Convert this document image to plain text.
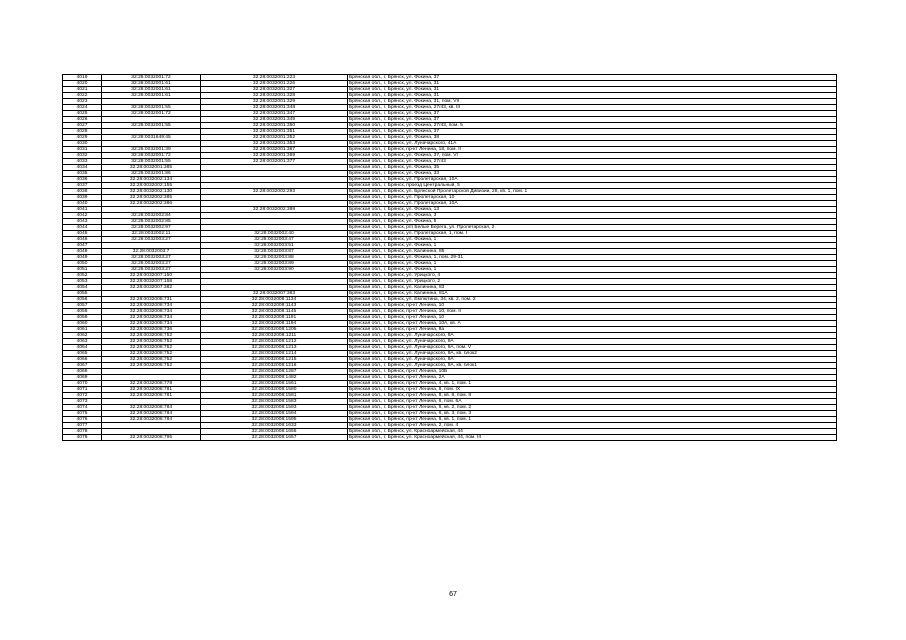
4019	32:28:0032001:72	32:28:0032001:223	Брянская обл., г. Брянск, ул. Фокина, 37
4020	32:28:0032001:61	32:28:0032001:226	Брянская обл., г. Брянск, ул. Фокина, 31
4021	32:28:0032001:61	32:28:0032001:327	Брянская обл., г. Брянск, ул. Фокина, 31
4022	32:28:0032001:61	32:28:0032001:328	Брянская обл., г. Брянск, ул. Фокина, 31
4023		32:28:0032001:329	Брянская обл., г. Брянск, ул. Фокина, 31, пом. VII
4024	32:28:0032001:55	32:28:0032001:348	Брянская обл., г. Брянск, ул. Фокина, 27/43, кв. III
4025	32:28:0032001:72	32:28:0032001:347	Брянская обл., г. Брянск, ул. Фокина, 37
4026		32:28:0032001:349	Брянская обл., г. Брянск, ул. Фокина, 37
4027	32:28:0032001:55	32:28:0032001:350	Брянская обл., г. Брянск, ул. Фокина, 27/43, пом. 5
4028		32:28:0032001:351	Брянская обл., г. Брянск, ул. Фокина, 37
4029	32:28:0031649:45	32:28:0032001:352	Брянская обл., г. Брянск, ул. Фокина, 38
4030		32:28:0032001:353	Брянская обл., г. Брянск, ул. Луначарского, 41А
4031	32:28:0032001:39	32:28:0032001:367	Брянская обл., г. Брянск, пр-кт Ленина, 18, пом. II
4032	32:28:0032001:72	32:28:0032001:369	Брянская обл., г. Брянск, ул. Фокина, 37, пом. VI
4033	32:28:0032001:55	32:28:0032001:377	Брянская обл., г. Брянск, ул. Фокина, 27/43
4034	32:28:0032001:385		Брянская обл., г. Брянск, ул. Фокина, 35
4035	32:28:0032001:86		Брянская обл., г. Брянск, ул. Фокина, 33
4036	32:28:0032002:134		Брянская обл., г. Брянск, ул. Пролетарская, 10А
4037	32:28:0032002:155		Брянская обл., г. Брянск, проезд Центральный, 5
4038	32:28:0032002:130	32:28:0032002:293	Брянская обл., г. Брянск, ул. Брянской Пролетарской Дивизии, 28, кв. 1, пом. 1
4039	32:28:0032002:385		Брянская обл., г. Брянск, ул. Пролетарская, 10
4040	32:28:0032002:386		Брянская обл., г. Брянск, ул. Пролетарская, 10А
4041		32:28:0032002:388	Брянская обл., г. Брянск, ул. Фокина, 13
4042	32:28:0032002:84		Брянская обл., г. Брянск, ул. Фокина, 3
4043	32:28:0032002:85		Брянская обл., г. Брянск, ул. Фокина, 5
4044	32:28:0032002:97		Брянская обл., г. Брянск, р/п Белые Берега, ул. Пролетарская, 2
4045	32:28:0032002:11	32:28:0032002:40	Брянская обл., г. Брянск, ул. Пролетарская, 1, пом. I
4046	32:28:0032003:27	32:28:0032003:47	Брянская обл., г. Брянск, ул. Фокина, 1
4047		32:28:0032003:51	Брянская обл., г. Брянск, ул. Фокина, 1
4048	32:28:0032003:7	32:28:0032003:87	Брянская обл., г. Брянск, ул. Калинина, 85
4049	32:28:0032003:27	32:28:0032003:88	Брянская обл., г. Брянск, ул. Фокина, 1, пом. 29-31
4050	32:28:0032003:27	32:28:0032003:89	Брянская обл., г. Брянск, ул. Фокина, 1
4051	32:28:0032003:27	32:28:0032003:90	Брянская обл., г. Брянск, ул. Фокина, 1
4052	32:28:0032007:150		Брянская обл., г. Брянск, ул. Урицкого, 4
4053	32:28:0032007:158		Брянская обл., г. Брянск, ул. Урицкого, 2
4054	32:28:0032007:382		Брянская обл., г. Брянск, ул. Калинина, 83
4055		32:28:0032007:383	Брянская обл., г. Брянск, ул. Калинина, 81А
4056	32:28:0032008:731	32:28:0032008:1134	Брянская обл., г. Брянск, ул. Емлютина, 34, кв. 2, пом. 2
4057	32:28:0032008:734	32:28:0032008:1143	Брянская обл., г. Брянск, пр-кт Ленина, 10
4058	32:28:0032008:734	32:28:0032008:1145	Брянская обл., г. Брянск, пр-кт Ленина, 10, пом. II
4059	32:28:0032008:734	32:28:0032008:1191	Брянская обл., г. Брянск, пр-кт Ленина, 10
4060	32:28:0032008:734	32:28:0032008:1194	Брянская обл., г. Брянск, пр-кт Ленина, 10А, кв. А
4061	32:28:0032008:736	32:28:0032008:1205	Брянская обл., г. Брянск, пр-кт Ленина, 8а
4062	32:28:0032008:752	32:28:0032008:1211	Брянская обл., г. Брянск, ул. Луначарского, 9А
4063	32:28:0032008:752	32:28:0032008:1212	Брянская обл., г. Брянск, ул. Луначарского, 9А
4064	32:28:0032008:752	32:28:0032008:1213	Брянская обл., г. Брянск, ул. Луначарского, 9А, пом. V
4065	32:28:0032008:752	32:28:0032008:1214	Брянская обл., г. Брянск, ул. Луначарского, 9А, кв. блок2
4066	32:28:0032008:752	32:28:0032008:1215	Брянская обл., г. Брянск, ул. Луначарского, 9А
4067	32:28:0032008:752	32:28:0032008:1216	Брянская обл., г. Брянск, ул. Луначарского, 9А, кв. блок1
4068		32:28:0032008:1287	Брянская обл., г. Брянск, пр-кт Ленина, 10Б
4069		32:28:0032008:1482	Брянская обл., г. Брянск, пр-кт Ленина, 2А
4070	32:28:0032008:778	32:28:0032008:1561	Брянская обл., г. Брянск, пр-кт Ленина, 4, кв. 1, пом. 1
4071	32:28:0032008:781	32:28:0032008:1580	Брянская обл., г. Брянск, пр-кт Ленина, 8, пом. IX
4072	32:28:0032008:781	32:28:0032008:1581	Брянская обл., г. Брянск, пр-кт Ленина, 8, кв. 8, пом. 8
4073		32:28:0032008:1583	Брянская обл., г. Брянск, пр-кт Ленина, 6, пом. 6А
4074	32:28:0032008:784	32:28:0032008:1593	Брянская обл., г. Брянск, пр-кт Ленина, 6, кв. 2, пом. 2
4075	32:28:0032008:784	32:28:0032008:1594	Брянская обл., г. Брянск, пр-кт Ленина, 6, кв. 3, пом. 3
4076	32:28:0032008:784	32:28:0032008:1595	Брянская обл., г. Брянск, пр-кт Ленина, 6, кв. 1, пом. 1
4077		32:28:0032008:1633	Брянская обл., г. Брянск, пр-кт Ленина, 2, пом. 4
4078		32:28:0032008:1656	Брянская обл., г. Брянск, ул. Красноармейская, 44
4079	32:28:0032008:795	32:28:0032008:1657	Брянская обл., г. Брянск, ул. Красноармейская, 44, пом. III
67
